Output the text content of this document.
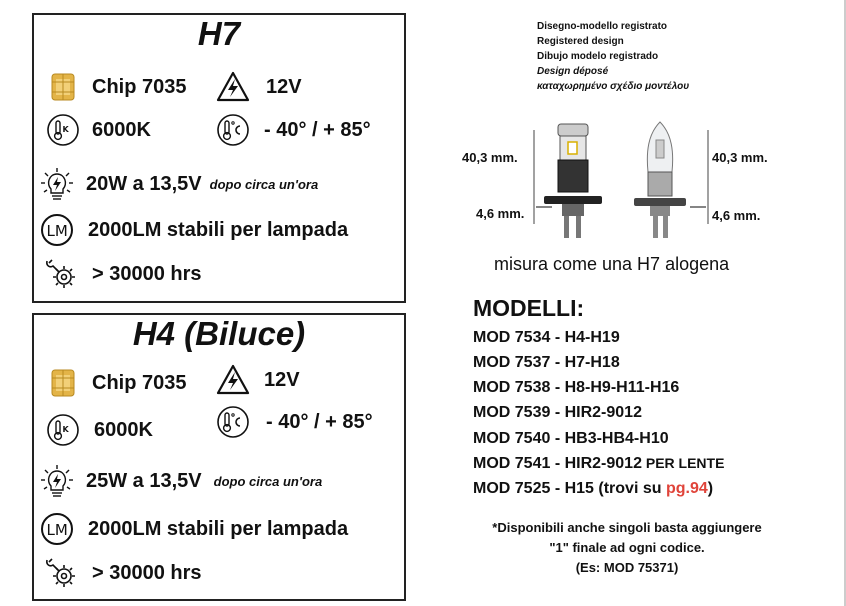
H7
Chip 7035	12V
6000K	- 40° / + 85°
20W a 13,5V dopo circa un'ora
2000LM stabili per lampada
> 30000 hrs
H4 (Biluce)
Chip 7035	12V
6000K	- 40° / + 85°
25W a 13,5V dopo circa un'ora
2000LM stabili per lampada
> 30000 hrs
Disegno-modello registrato
Registered design
Dibujo modelo registrado
Design déposé
καταχωρημένο σχέδιο μοντέλου
40,3 mm.
4,6 mm.
40,3 mm.
4,6 mm.
misura come una H7 alogena
MODELLI:
MOD 7534 - H4-H19
MOD 7537 - H7-H18
MOD 7538 - H8-H9-H11-H16
MOD 7539 - HIR2-9012
MOD 7540 - HB3-HB4-H10
MOD 7541 - HIR2-9012 PER LENTE
MOD 7525 - H15 (trovi su pg.94)
*Disponibili anche singoli basta aggiungere
"1" finale ad ogni codice.
(Es: MOD 75371)
